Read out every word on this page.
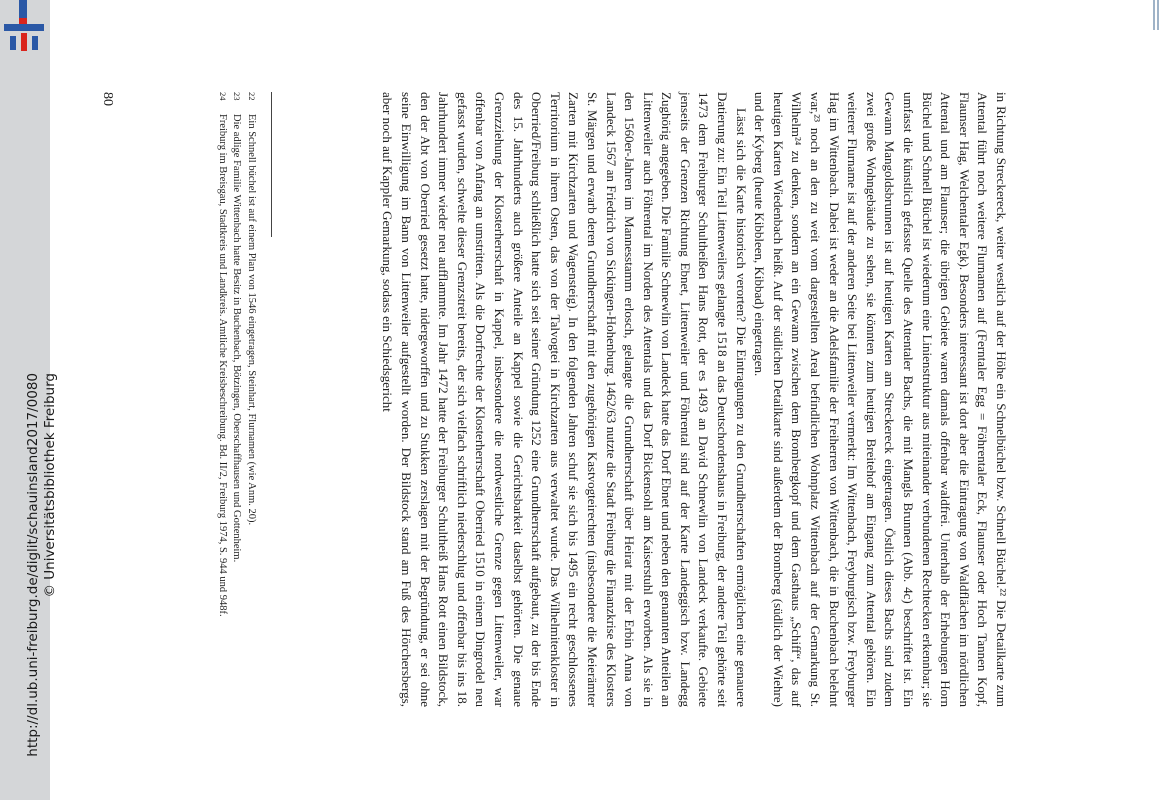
http://dl.ub.uni-freiburg.de/diglit/schauinsland2017/0080 © Universitätsbibliothek Freiburg	in Richtung Streckereck, weiter westlich auf der Höhe ein Schnelbüchel bzw. Schnell Büchel.²² Die Detailkarte zum Attental führt noch weitere Flurnamen auf (Ferntaler Egg = Föhrentaler Eck, Flaunser oder Hoch Tannen Kopf, Flaunser Hag, Welchentaler Egk). Besonders interessant ist dort aber die Eintragung von Waldflächen im nördlichen Attental und am Flaunser; die übrigen Gebiete waren damals offenbar waldfrei. Unterhalb der Erhebungen Horn Büchel und Schnell Büchel ist wiederum eine Linienstruktur aus miteinander verbundenen Rechtecken erkennbar; sie umfasst die künstlich gefasste Quelle des Attentaler Bachs, die mit Mangls Brunnen (Abb. 4c) beschriftet ist. Ein Gewann Mangoldsbrunnen ist auf heutigen Karten am Streckereck eingetragen. Östlich dieses Bachs sind zudem zwei große Wohngebäude zu sehen, sie könnten zum heutigen Breitehof am Eingang zum Attental gehören. Ein weiterer Flurname ist auf der anderen Seite bei Littenweiler vermerkt: Im Wittenbach, Freyburgisch bzw. Freyburger Hag im Wittenbach. Dabei ist weder an die Adelsfamilie der Freiherren von Wittenbach, die in Buchenbach belehnt war,²³ noch an den zu weit vom dargestellten Areal befindlichen Wohnplatz Wittenbach auf der Gemarkung St. Wilhelm²⁴ zu denken, sondern an ein Gewann zwischen dem Bromberg​kopf und dem Gasthaus „Schiff“, das auf heutigen Karten Wiedenbach heißt. Auf der südlichen Detailkarte sind außerdem der Bromberg (südlich der Wiehre) und der Kyberg (heute Kibbleen, Kibbad) eingetragen.

Lässt sich die Karte historisch verorten? Die Eintragungen zu den Grundherrschaften ermöglichen eine genauere Datierung zu: Ein Teil Littenweilers gelangte 1518 an das Deutschordenshaus in Freiburg, der andere Teil gehörte seit 1473 dem Freiburger Schultheißen Hans Rott, der es 1493 an David Schnewlin von Landeck verkaufte. Gebiete jenseits der Grenzen Richtung Ebnet, Littenweiler und Föhrental sind auf der Karte Landeggisch bzw. Landegg Zughörig angegeben. Die Familie Schnewlin von Landeck hatte das Dorf Ebnet und neben den genannten Anteilen an Littenweiler auch Föhrental im Norden des Attentals und das Dorf Bickensohl am Kaiserstuhl erworben. Als sie in den 1560er-Jahren im Mannesstamm erlosch, gelangte die Grundherrschaft über Heirat mit der Erbin Anna von Landeck 1567 an Friedrich von Sickingen-Hohenburg. 1462/63 nutzte die Stadt Freiburg die Finanzkrise des Klosters St. Märgen und erwarb deren Grundherrschaft mit den zugehörigen Kastvogteirechten (insbesondere die Meierämter Zarten mit Kirchzarten und Wagensteig). In den folgenden Jahren schuf sie sich bis 1495 ein recht geschlossenes Territorium in ihrem Osten, das von der Talvogtei in Kirchzarten aus verwaltet wurde. Das Wilhelmitenkloster in Oberried/Freiburg schließlich hatte sich seit seiner Gründung 1252 eine Grundherrschaft aufgebaut, zu der bis Ende des 15. Jahrhunderts auch größere Anteile an Kappel sowie die Gerichtsbarkeit daselbst gehörten. Die genaue Grenzziehung der Klosterherrschaft in Kappel, insbesondere die nordwestliche Grenze gegen Littenweiler, war offenbar von Anfang an umstritten. Als die Dorfrechte der Klosterherrschaft Oberried 1510 in einem Dingrodel neu gefasst wurden, schwelte dieser Grenzstreit bereits, der sich vielfach schriftlich niederschlug und offenbar bis ins 18. Jahrhundert immer wieder neu aufflammte. Im Jahr 1472 hatte der Freiburger Schultheiß Hans Rott einen Bildstock, den der Abt von Oberried gesetzt hatte, nidergeworffen und zu Stukken zerslagen mit der Begründung, er sei ohne seine Einwilligung im Bann von Littenweiler aufgestellt worden. Der Bildstock stand am Fuß des Hörchersbergs, aber noch auf Kappler Gemarkung, sodass ein Schiedsgericht

22
Ein Schnell büchel ist auf einem Plan von 1546 eingetragen, Steinhart, Flurnamen (wie Anm. 20).
23
Die adlige Familie Wittenbach hatte Besitz in Buchenbach, Bötzingen, Oberschaffhausen und Gottenheim.
24
Freiburg im Breisgau, Stadtkreis und Landkreis. Amtliche Kreisbeschreibung. Bd. II/2, Freiburg 1974, S. 944 und 948f.
80
